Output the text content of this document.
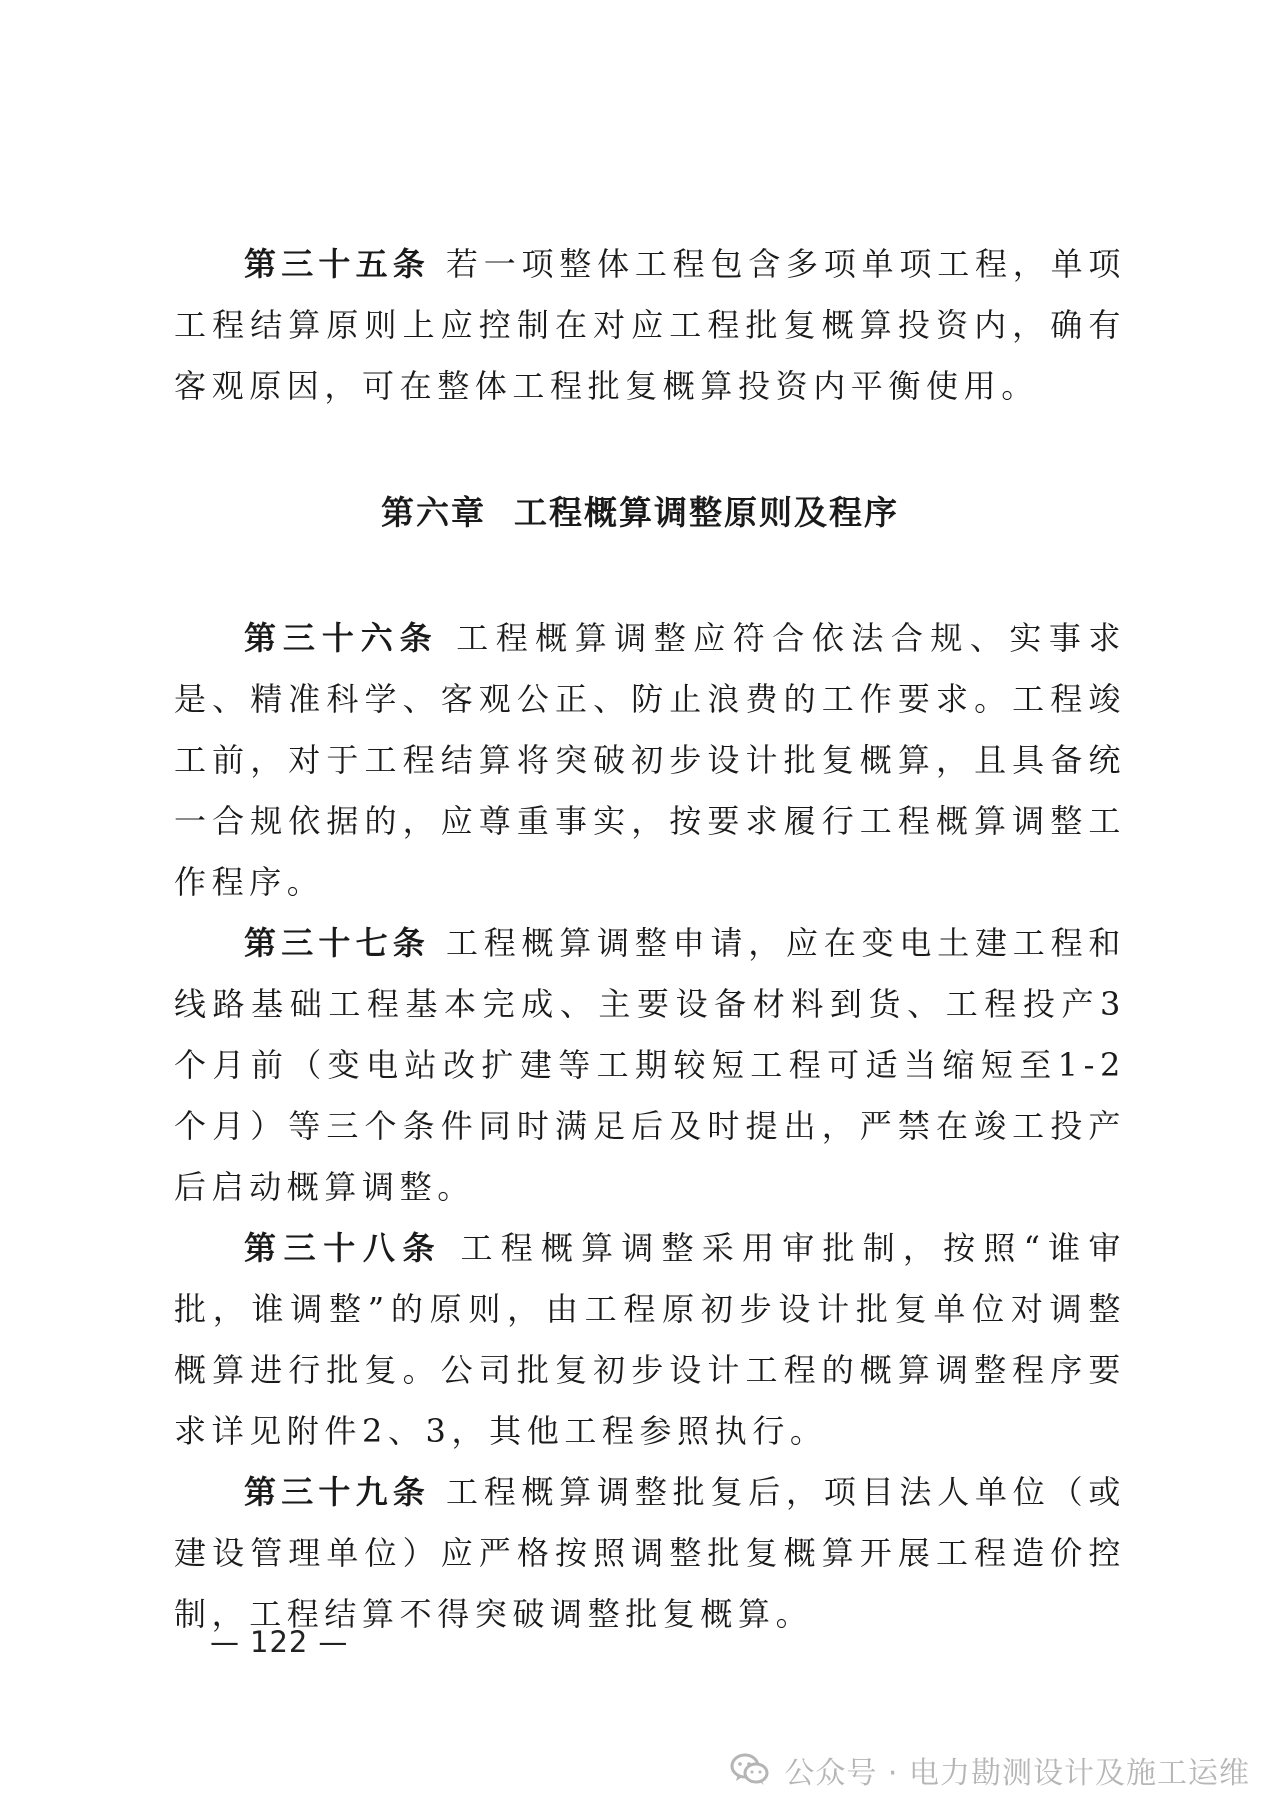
第三十五条 若一项整体工程包含多项单项工程，单项工程结算原则上应控制在对应工程批复概算投资内，确有客观原因，可在整体工程批复概算投资内平衡使用。

第六章 工程概算调整原则及程序

第三十六条 工程概算调整应符合依法合规、实事求是、精准科学、客观公正、防止浪费的工作要求。工程竣工前，对于工程结算将突破初步设计批复概算，且具备统一合规依据的，应尊重事实，按要求履行工程概算调整工作程序。

第三十七条 工程概算调整申请，应在变电土建工程和线路基础工程基本完成、主要设备材料到货、工程投产3个月前（变电站改扩建等工期较短工程可适当缩短至1-2个月）等三个条件同时满足后及时提出，严禁在竣工投产后启动概算调整。

第三十八条 工程概算调整采用审批制，按照“谁审批，谁调整”的原则，由工程原初步设计批复单位对调整概算进行批复。公司批复初步设计工程的概算调整程序要求详见附件2、3，其他工程参照执行。

第三十九条 工程概算调整批复后，项目法人单位（或建设管理单位）应严格按照调整批复概算开展工程造价控制，工程结算不得突破调整批复概算。

— 122 —
公众号 · 电力勘测设计及施工运维
